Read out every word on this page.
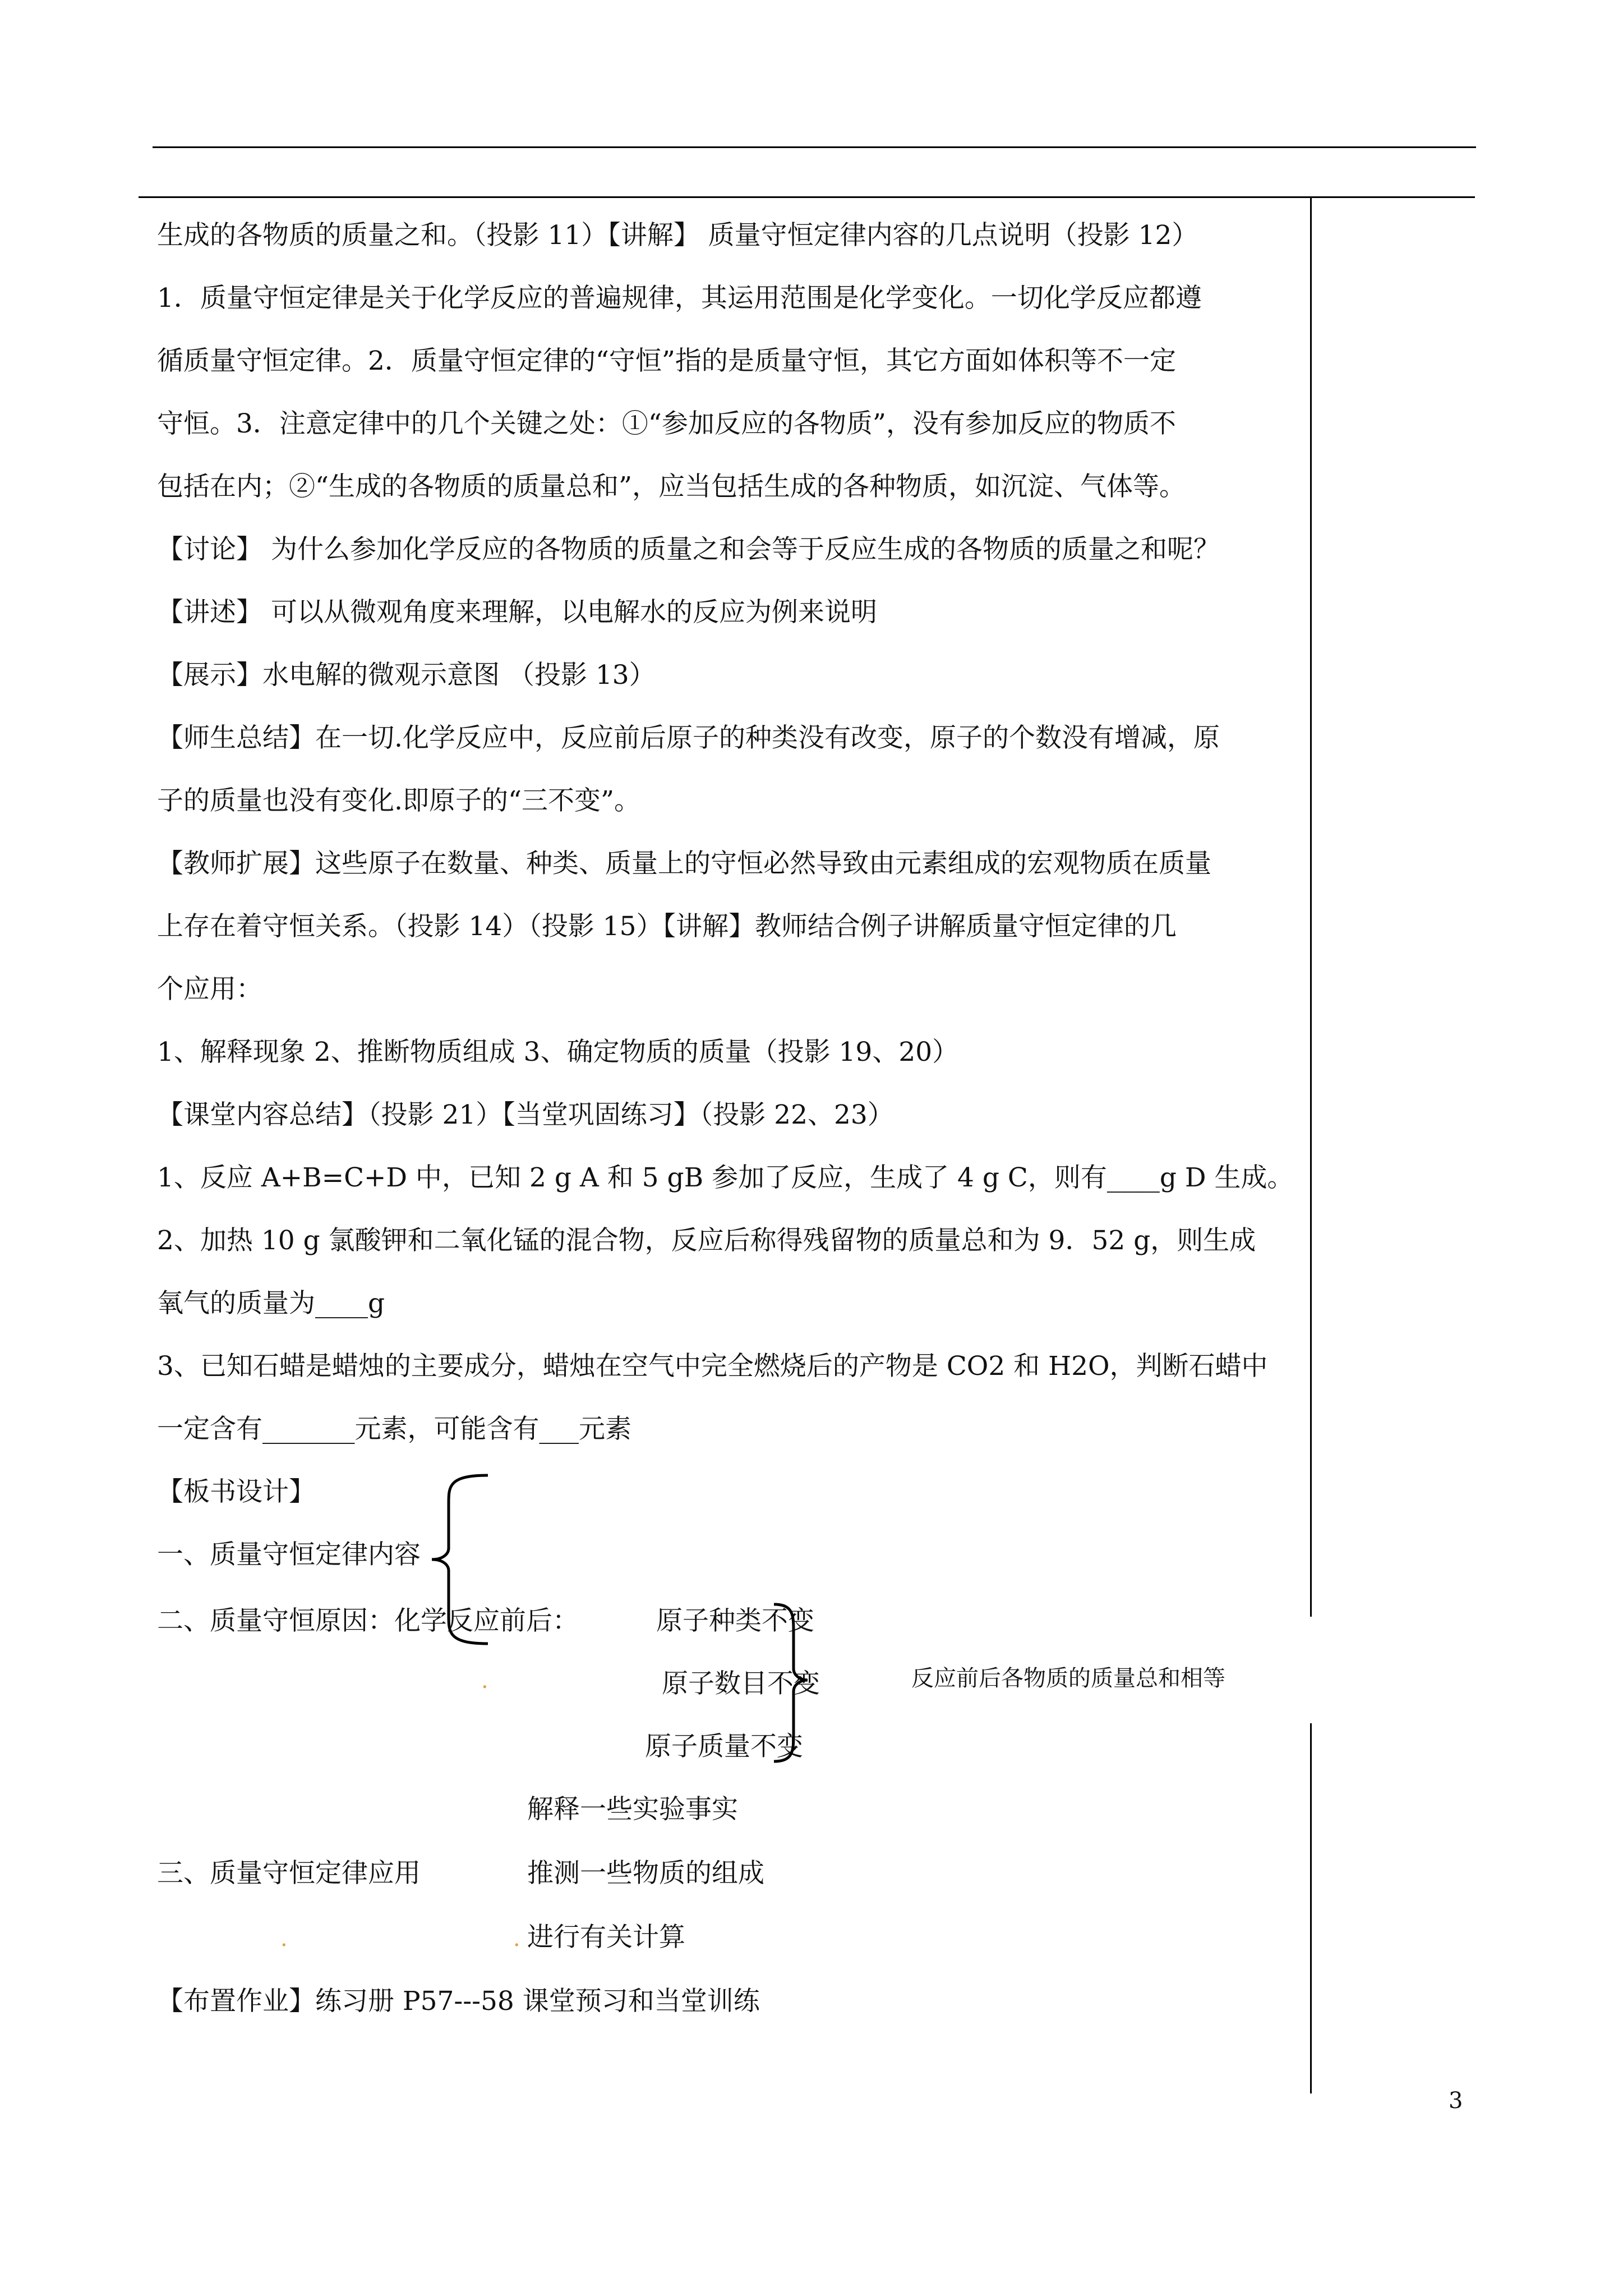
生成的各物质的质量之和。（投影 11）【讲解】 质量守恒定律内容的几点说明（投影 12）
1．质量守恒定律是关于化学反应的普遍规律，其运用范围是化学变化。一切化学反应都遵
循质量守恒定律。2．质量守恒定律的“守恒”指的是质量守恒，其它方面如体积等不一定
守恒。3．注意定律中的几个关键之处：①“参加反应的各物质”，没有参加反应的物质不
包括在内；②“生成的各物质的质量总和”，应当包括生成的各种物质，如沉淀、气体等。
【讨论】 为什么参加化学反应的各物质的质量之和会等于反应生成的各物质的质量之和呢？
【讲述】 可以从微观角度来理解，以电解水的反应为例来说明
【展示】水电解的微观示意图 （投影 13）
【师生总结】在一切.化学反应中，反应前后原子的种类没有改变，原子的个数没有增减，原
子的质量也没有变化.即原子的“三不变”。
【教师扩展】这些原子在数量、种类、质量上的守恒必然导致由元素组成的宏观物质在质量
上存在着守恒关系。（投影 14）（投影 15）【讲解】教师结合例子讲解质量守恒定律的几
个应用：
1、解释现象 2、推断物质组成 3、确定物质的质量（投影 19、20）
【课堂内容总结】（投影 21）【当堂巩固练习】（投影 22、23）
1、反应 A+B=C+D 中，已知 2 g A 和 5 gB 参加了反应，生成了 4 g C，则有____g D 生成。
2、加热 10 g 氯酸钾和二氧化锰的混合物，反应后称得残留物的质量总和为 9．52 g，则生成
氧气的质量为____g
3、已知石蜡是蜡烛的主要成分，蜡烛在空气中完全燃烧后的产物是 CO2 和 H2O，判断石蜡中
一定含有_______元素，可能含有___元素
【板书设计】
一、质量守恒定律内容
二、质量守恒原因：化学反应前后：	原子种类不变
原子数目不变
原子质量不变
反应前后各物质的质量总和相等
解释一些实验事实
三、质量守恒定律应用	推测一些物质的组成
进行有关计算
·
·	·
【布置作业】练习册 P57---58 课堂预习和当堂训练
3
